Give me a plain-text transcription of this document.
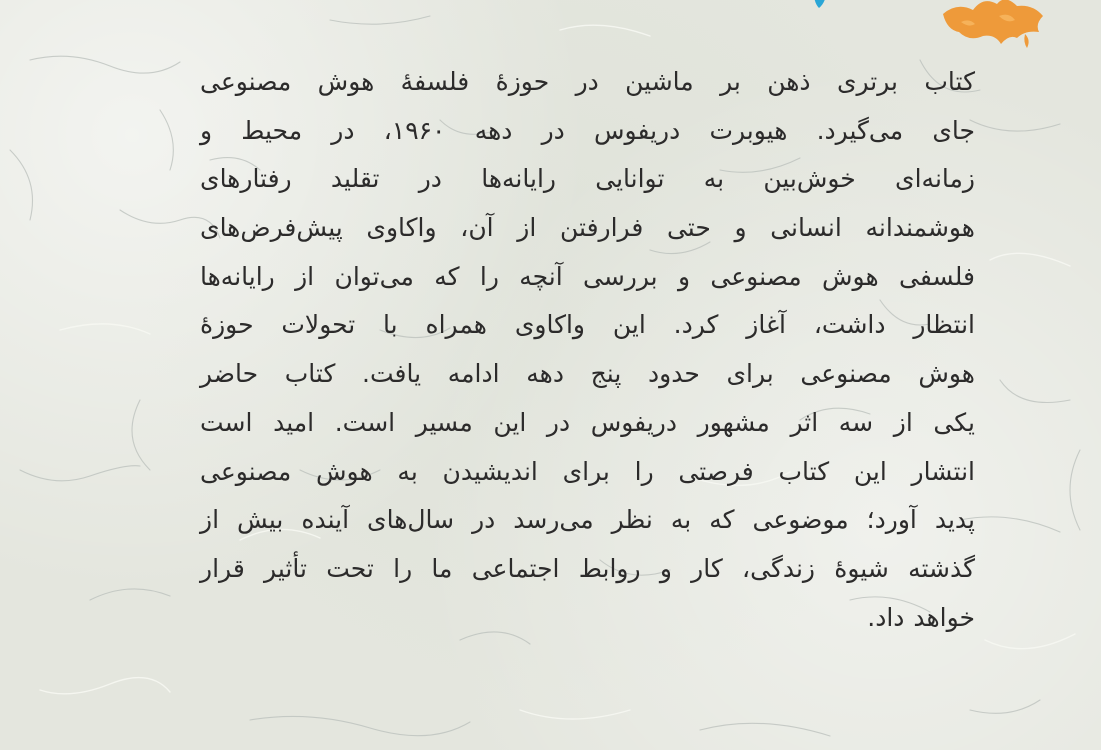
کتاب برتری ذهن بر ماشین در حوزهٔ فلسفهٔ هوش مصنوعی
جای می‌گیرد. هیوبرت دریفوس در دهه ۱۹۶۰، در محیط و
زمانه‌ای خوش‌بین به توانایی رایانه‌ها در تقلید رفتارهای
هوشمندانه انسانی و حتی فرارفتن از آن، واکاوی پیش‌فرض‌های
فلسفی هوش مصنوعی و بررسی آنچه را که می‌توان از رایانه‌ها
انتظار داشت، آغاز کرد. این واکاوی همراه با تحولات حوزهٔ
هوش مصنوعی برای حدود پنج دهه ادامه یافت. کتاب حاضر
یکی از سه اثر مشهور دریفوس در این مسیر است. امید است
انتشار این کتاب فرصتی را برای اندیشیدن به هوش مصنوعی
پدید آورد؛ موضوعی که به نظر می‌رسد در سال‌های آینده بیش از
گذشته شیوهٔ زندگی، کار و روابط اجتماعی ما را تحت تأثیر قرار
خواهد داد.
